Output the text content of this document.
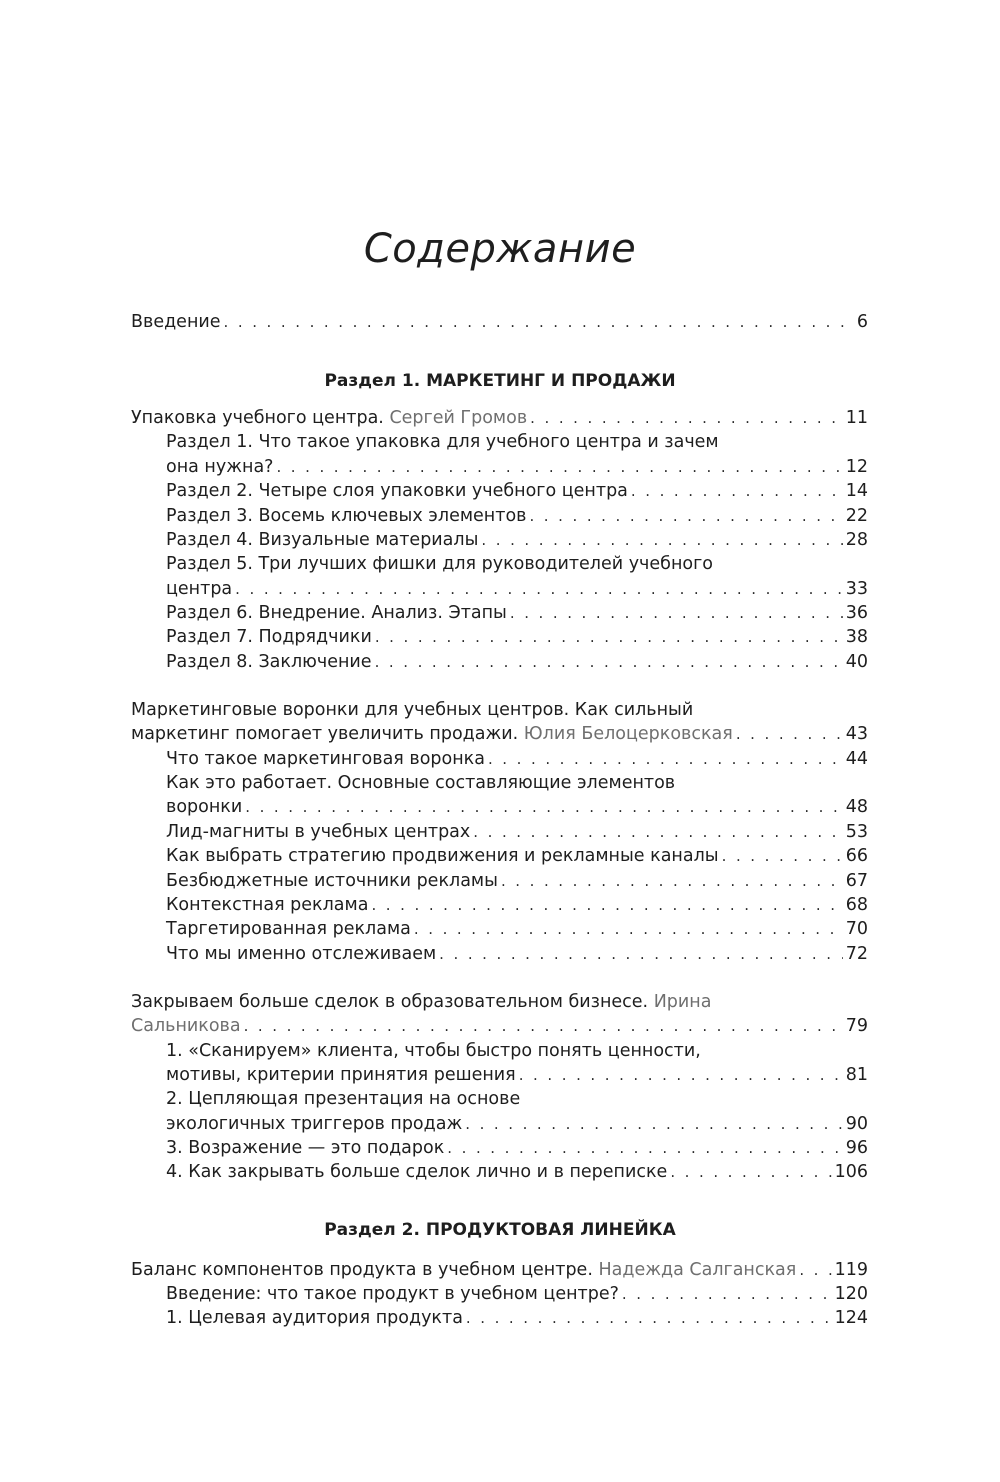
Содержание
Введение . . .	6
Раздел 1. МАРКЕТИНГ И ПРОДАЖИ
Упаковка учебного центра.
Сергей Громов . . .	11
Раздел 1. Что такое упаковка для учебного центра и зачем
она нужна? . . .	12
Раздел 2. Четыре слоя упаковки учебного центра . . .	14
Раздел 3. Восемь ключевых элементов . . .	22
Раздел 4. Визуальные материалы . . .	28
Раздел 5. Три лучших фишки для руководителей учебного
центра . . .	33
Раздел 6. Внедрение. Анализ. Этапы . . .	36
Раздел 7. Подрядчики . . .	38
Раздел 8. Заключение . . .	40
Маркетинговые воронки для учебных центров. Как сильный
маркетинг помогает увеличить продажи.
Юлия Белоцерковская . . .	43
Что такое маркетинговая воронка . . .	44
Как это работает. Основные составляющие элементов
воронки . . .	48
Лид-магниты в учебных центрах . . .	53
Как выбрать стратегию продвижения и рекламные каналы . . .	66
Безбюджетные источники рекламы . . .	67
Контекстная реклама . . .	68
Таргетированная реклама . . .	70
Что мы именно отслеживаем . . .	72
Закрываем больше сделок в образовательном бизнесе.
Ирина
Сальникова . . .	79
1. «Сканируем» клиента, чтобы быстро понять ценности,
мотивы, критерии принятия решения . . .	81
2. Цепляющая презентация на основе
экологичных триггеров продаж . . .	90
3. Возражение — это подарок . . .	96
4. Как закрывать больше сделок лично и в переписке . . .	106
Раздел 2. ПРОДУКТОВАЯ ЛИНЕЙКА
Баланс компонентов продукта в учебном центре.
Надежда Салганская . . . 119
Введение: что такое продукт в учебном центре? . . .	120
1. Целевая аудитория продукта . . .	124
